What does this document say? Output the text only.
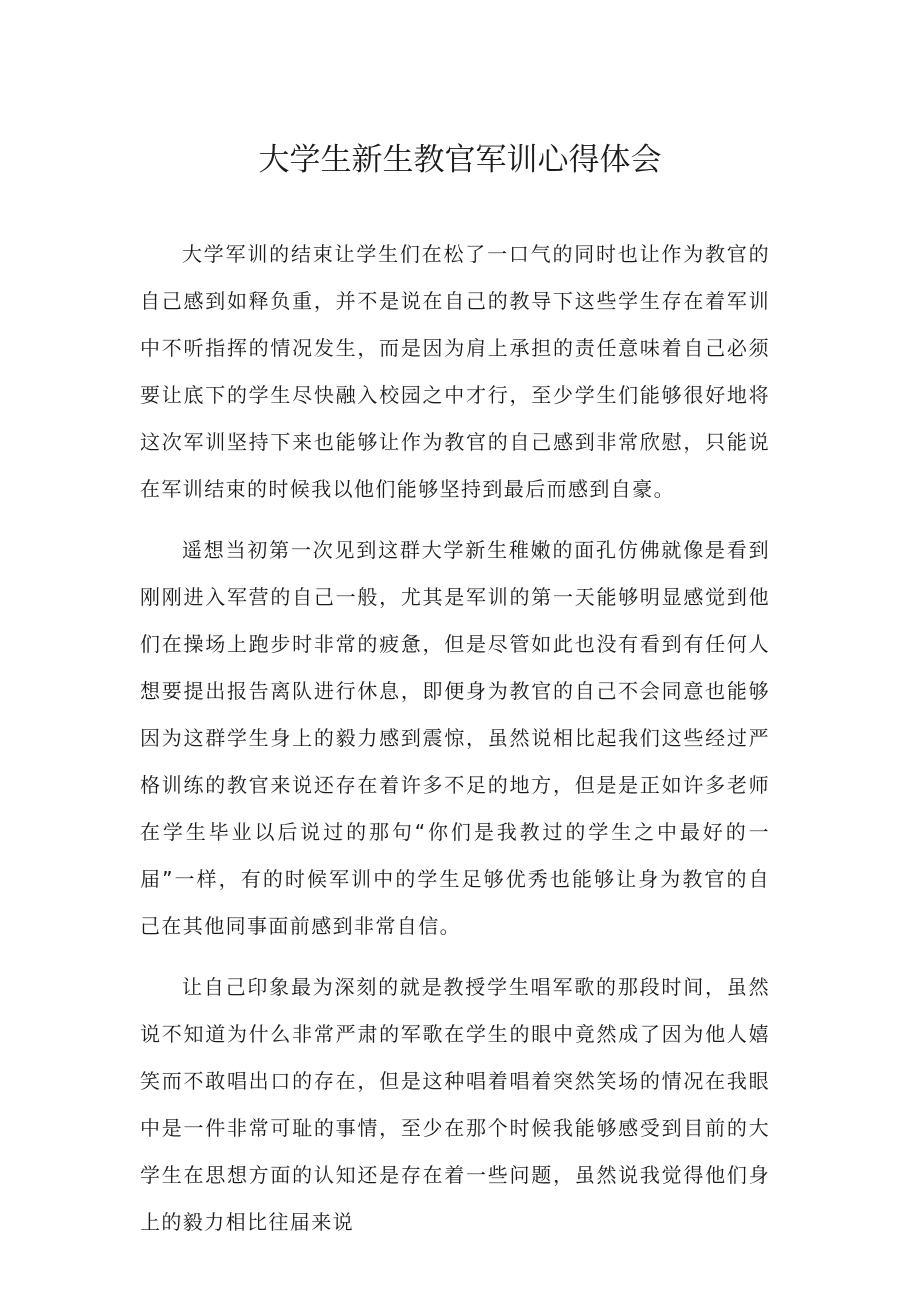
大学生新生教官军训心得体会

大学军训的结束让学生们在松了一口气的同时也让作为教官的自己感到如释负重，并不是说在自己的教导下这些学生存在着军训中不听指挥的情况发生，而是因为肩上承担的责任意味着自己必须要让底下的学生尽快融入校园之中才行，至少学生们能够很好地将这次军训坚持下来也能够让作为教官的自己感到非常欣慰，只能说在军训结束的时候我以他们能够坚持到最后而感到自豪。

遥想当初第一次见到这群大学新生稚嫩的面孔仿佛就像是看到刚刚进入军营的自己一般，尤其是军训的第一天能够明显感觉到他们在操场上跑步时非常的疲惫，但是尽管如此也没有看到有任何人想要提出报告离队进行休息，即便身为教官的自己不会同意也能够因为这群学生身上的毅力感到震惊，虽然说相比起我们这些经过严格训练的教官来说还存在着许多不足的地方，但是是正如许多老师在学生毕业以后说过的那句“你们是我教过的学生之中最好的一届”一样，有的时候军训中的学生足够优秀也能够让身为教官的自己在其他同事面前感到非常自信。

让自己印象最为深刻的就是教授学生唱军歌的那段时间，虽然说不知道为什么非常严肃的军歌在学生的眼中竟然成了因为他人嬉笑而不敢唱出口的存在，但是这种唱着唱着突然笑场的情况在我眼中是一件非常可耻的事情，至少在那个时候我能够感受到目前的大学生在思想方面的认知还是存在着一些问题，虽然说我觉得他们身上的毅力相比往届来说
